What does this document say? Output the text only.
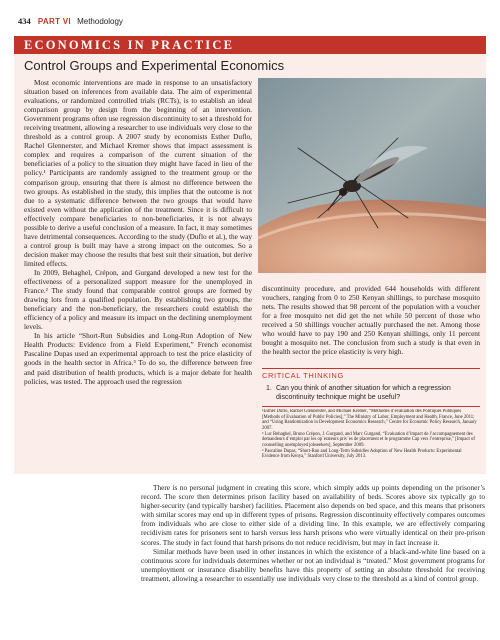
434 PART VI Methodology
ECONOMICS IN PRACTICE
Control Groups and Experimental Economics

Most economic interventions are made in response to an unsatisfactory situation based on inferences from available data. The aim of experimental evaluations, or randomized controlled trials (RCTs), is to establish an ideal comparison group by design from the beginning of an intervention. Government programs often use regression discontinuity to set a threshold for receiving treatment, allowing a researcher to use individuals very close to the threshold as a control group. A 2007 study by economists Esther Duflo, Rachel Glennerster, and Michael Kremer shows that impact assessment is complex and requires a comparison of the current situation of the beneficiaries of a policy to the situation they might have faced in lieu of the policy.¹ Participants are randomly assigned to the treatment group or the comparison group, ensuring that there is almost no difference between the two groups. As established in the study, this implies that the outcome is not due to a systematic difference between the two groups that would have existed even without the application of the treatment. Since it is difficult to effectively compare beneficiaries to non-beneficiaries, it is not always possible to derive a useful conclusion of a measure. In fact, it may sometimes have detrimental consequences. According to the study (Duflo et al.), the way a control group is built may have a strong impact on the outcomes. So a decision maker may choose the results that best suit their situation, but derive limited effects.

In 2009, Behaghel, Crépon, and Gurgand developed a new test for the effectiveness of a personalized support measure for the unemployed in France.² The study found that comparable control groups are formed by drawing lots from a qualified population. By establishing two groups, the beneficiary and the non-beneficiary, the researchers could establish the efficiency of a policy and measure its impact on the declining unemployment levels.

In his article “Short-Run Subsidies and Long-Run Adoption of New Health Products: Evidence from a Field Experiment,” French economist Pascaline Dupas used an experimental approach to test the price elasticity of goods in the health sector in Africa.³ To do so, the difference between free and paid distribution of health products, which is a major debate for health policies, was tested. The approach used the regression

discontinuity procedure, and provided 644 households with different vouchers, ranging from 0 to 250 Kenyan shillings, to purchase mosquito nets. The results showed that 98 percent of the population with a voucher for a free mosquito net did get the net while 50 percent of those who received a 50 shillings voucher actually purchased the net. Among those who would have to pay 190 and 250 Kenyan shillings, only 11 percent bought a mosquito net. The conclusion from such a study is that even in the health sector the price elasticity is very high.

CRITICAL THINKING
1. Can you think of another situation for which a regression discontinuity technique might be useful?

¹Esther Duflo, Rachel Glennerster, and Michael Kremer, “Méthodes d’évaluation des Politiques Publiques [Methods of Evaluation of Public Policies],” The Ministry of Labor, Employment and Health, France, June 2011; and “Using Randomization in Development Economics Research,” Centre for Economic Policy Research, January 2007.

² Luc Behaghel, Bruno Crépon, J. Gurgand, and Marc Gurgand, “Evaluation d’impact de l’accompagnement des demandeurs d’emploi par les op´erateurs priv´es de placement et le programme Cap vers l’entreprise,” [Impact of counselling unemployed jobseekers], September 2009.

³ Pascaline Dupas, “Short-Run and Long-Term Subsidies Adoption of New Health Products: Experimental Evidence from Kenya,” Stanford University, July 2013.

There is no personal judgment in creating this score, which simply adds up points depending on the prisoner’s record. The score then determines prison facility based on availability of beds. Scores above six typically go to higher-security (and typically harsher) facilities. Placement also depends on bed space, and this means that prisoners with similar scores may end up in different types of prisons. Regression discontinuity effectively compares outcomes from individuals who are close to either side of a dividing line. In this example, we are effectively comparing recidivism rates for prisoners sent to harsh versus less harsh prisons who were virtually identical on their pre-prison scores. The study in fact found that harsh prisons do not reduce recidivism, but may in fact increase it.

Similar methods have been used in other instances in which the existence of a black-and-white line based on a continuous score for individuals determines whether or not an individual is “treated.” Most government programs for unemployment or insurance disability benefits have this property of setting an absolute threshold for receiving treatment, allowing a researcher to essentially use individuals very close to the threshold as a kind of control group.
